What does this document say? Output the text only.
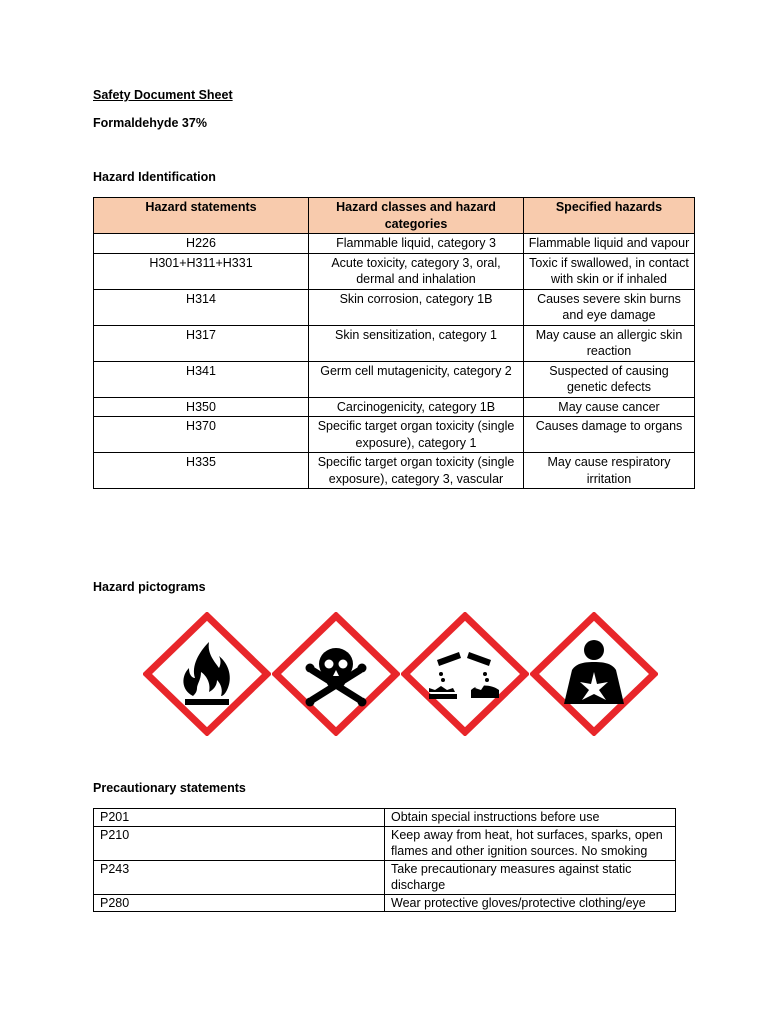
Safety Document Sheet
Formaldehyde 37%
Hazard Identification
Hazard statements	Hazard classes and hazard categories	Specified hazards
H226	Flammable liquid, category 3	Flammable liquid and vapour
H301+H311+H331	Acute toxicity, category 3, oral, dermal and inhalation	Toxic if swallowed, in contact with skin or if inhaled
H314	Skin corrosion, category 1B	Causes severe skin burns and eye damage
H317	Skin sensitization, category 1	May cause an allergic skin reaction
H341	Germ cell mutagenicity, category 2	Suspected of causing genetic defects
H350	Carcinogenicity, category 1B	May cause cancer
H370	Specific target organ toxicity (single exposure), category 1	Causes damage to organs
H335	Specific target organ toxicity (single exposure), category 3, vascular	May cause respiratory irritation
Hazard pictograms
Precautionary statements
P201	Obtain special instructions before use
P210	Keep away from heat, hot surfaces, sparks, open flames and other ignition sources. No smoking
P243	Take precautionary measures against static discharge
P280	Wear protective gloves/protective clothing/eye
